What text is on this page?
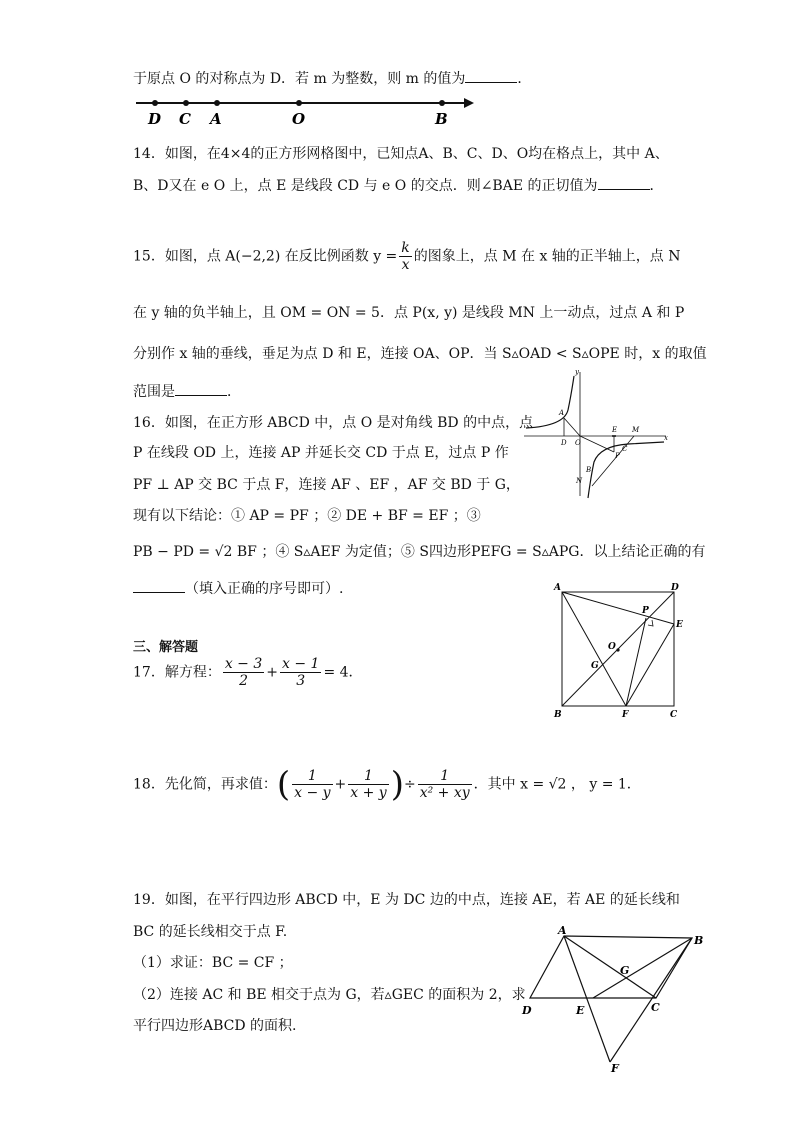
于原点 O 的对称点为 D．若 m 为整数，则 m 的值为	．
D C A	O	B
14．如图，在4×4的正方形网格图中，已知点A、B、C、D、O均在格点上，其中 A、
B、D又在 e O 上，点 E 是线段 CD 与 e O 的交点．则∠BAE 的正切值为	．
15．如图，点 A(−2,2) 在反比例函数 $y = \frac{k}{x}$ 的图象上，点 M 在 x 轴的正半轴上，点 N
在 y 轴的负半轴上，且 OM = ON = 5．点 P(x, y) 是线段 MN 上一动点，过点 A 和 P
分别作 x 轴的垂线，垂足为点 D 和 E，连接 OA、OP．当 S▵OAD < S▵OPE 时，x 的取值
范围是	．
y
A
D O
E M
x
P
C
B
N
16．如图，在正方形 ABCD 中，点 O 是对角线 BD 的中点，点
P 在线段 OD 上，连接 AP 并延长交 CD 于点 E，过点 P 作
PF ⊥ AP 交 BC 于点 F，连接 AF 、EF ，AF 交 BD 于 G，
现有以下结论：① AP = PF ；② DE + BF = EF ；③
PB − PD = √2 BF ；④ S▵AEF 为定值；⑤ S四边形PEFG = S▵APG．以上结论正确的有
（填入正确的序号即可）.	A	D
P
E
O
G
B	F	C
三、解答题
17．解方程： $\frac{x - 3}{2} + \frac{x - 1}{3} = 4$．
18．先化简，再求值：( $\frac{1}{x - y} + \frac{1}{x + y}$ )÷ $\frac{1}{\text{x² + xy}}$ ．其中 x = √2 ， y = 1．
19．如图，在平行四边形 ABCD 中，E 为 DC 边的中点，连接 AE，若 AE 的延长线和
BC 的延长线相交于点 F.
（1）求证：BC = CF ；
（2）连接 AC 和 BE 相交于点为 G，若▵GEC 的面积为 2，求
平行四边形ABCD 的面积.
A
B
G
D	E	C
F
